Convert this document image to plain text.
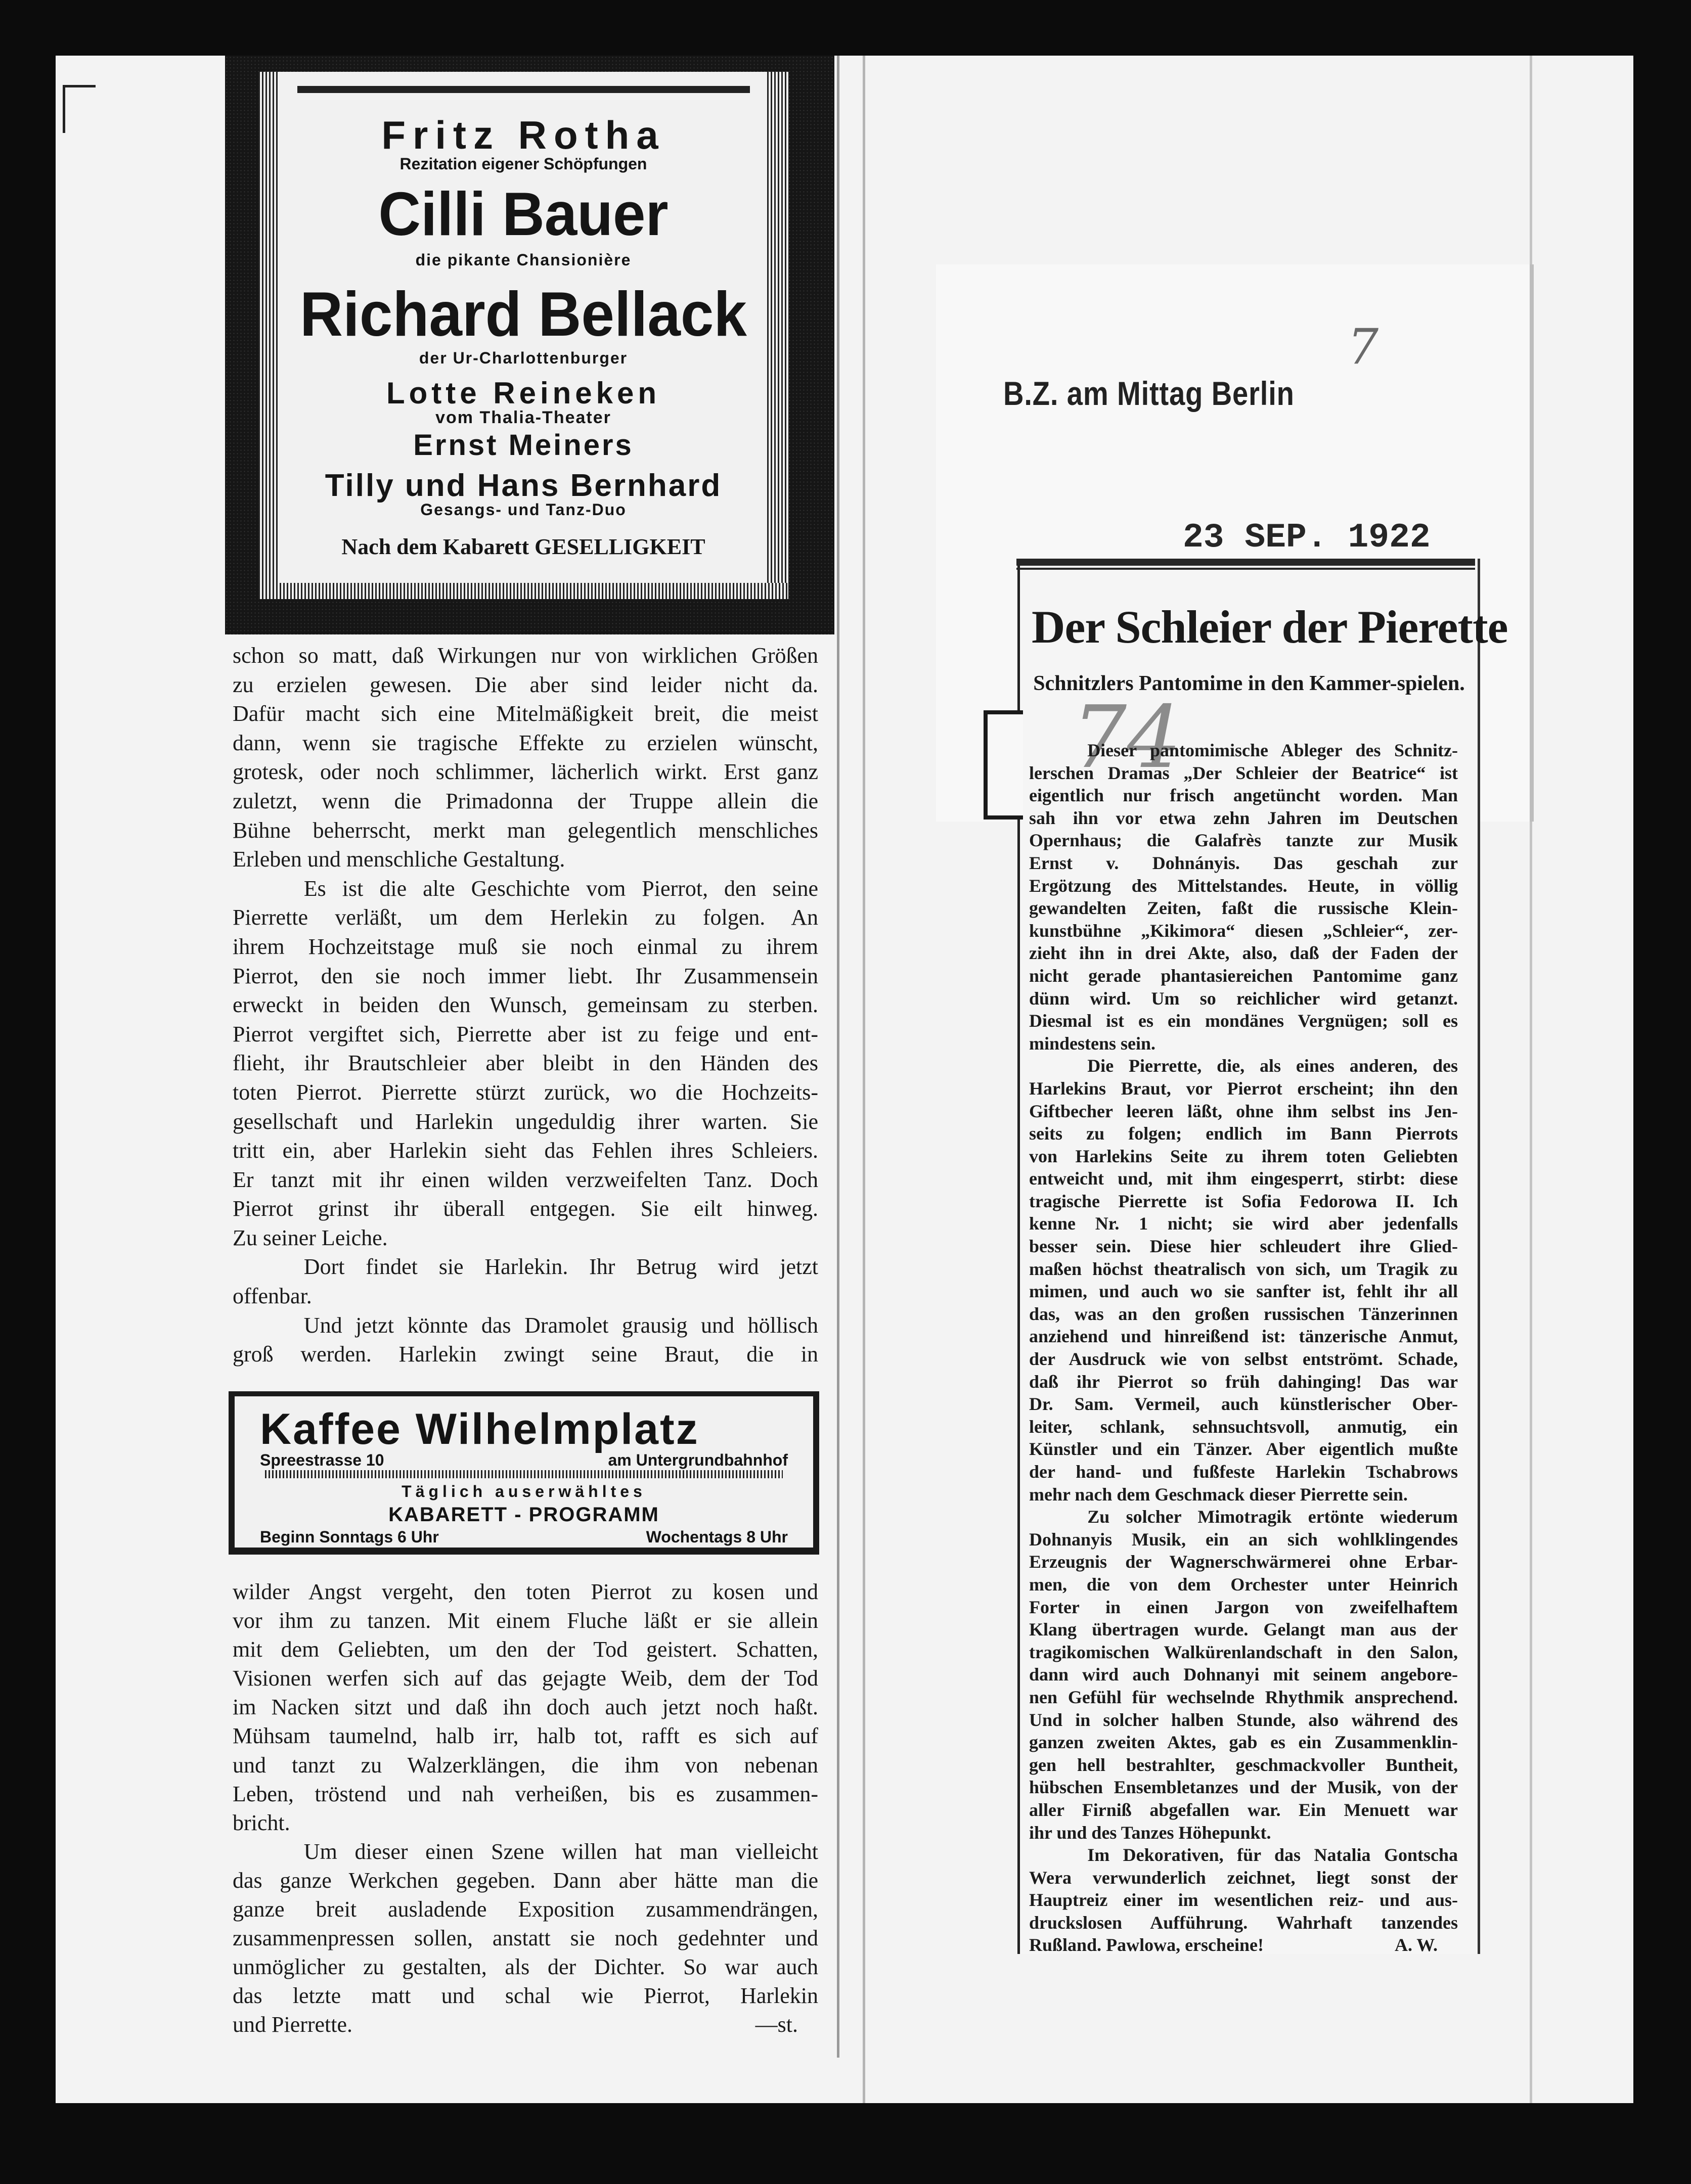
Fritz Rotha
Rezitation eigener Schöpfungen
Cilli Bauer
die pikante Chansionière
Richard Bellack
der Ur-Charlottenburger
Lotte Reineken
vom Thalia-Theater
Ernst Meiners
Tilly und Hans Bernhard
Gesangs- und Tanz-Duo
Nach dem Kabarett GESELLIGKEIT
schon so matt, daß Wirkungen nur von wirklichen Größen
zu erzielen gewesen. Die aber sind leider nicht da.
Dafür macht sich eine Mitelmäßigkeit breit, die meist
dann, wenn sie tragische Effekte zu erzielen wünscht,
grotesk, oder noch schlimmer, lächerlich wirkt. Erst ganz
zuletzt, wenn die Primadonna der Truppe allein die
Bühne beherrscht, merkt man gelegentlich menschliches
Erleben und menschliche Gestaltung.
Es ist die alte Geschichte vom Pierrot, den seine
Pierrette verläßt, um dem Herlekin zu folgen. An
ihrem Hochzeitstage muß sie noch einmal zu ihrem
Pierrot, den sie noch immer liebt. Ihr Zusammensein
erweckt in beiden den Wunsch, gemeinsam zu sterben.
Pierrot vergiftet sich, Pierrette aber ist zu feige und ent-
flieht, ihr Brautschleier aber bleibt in den Händen des
toten Pierrot. Pierrette stürzt zurück, wo die Hochzeits-
gesellschaft und Harlekin ungeduldig ihrer warten. Sie
tritt ein, aber Harlekin sieht das Fehlen ihres Schleiers.
Er tanzt mit ihr einen wilden verzweifelten Tanz. Doch
Pierrot grinst ihr überall entgegen. Sie eilt hinweg.
Zu seiner Leiche.
Dort findet sie Harlekin. Ihr Betrug wird jetzt
offenbar.
Und jetzt könnte das Dramolet grausig und höllisch
groß werden. Harlekin zwingt seine Braut, die in
Kaffee Wilhelmplatz
Spreestrasse 10	am Untergrundbahnhof
Täglich auserwähltes
KABARETT - PROGRAMM
Beginn Sonntags 6 Uhr	Wochentags 8 Uhr
wilder Angst vergeht, den toten Pierrot zu kosen und
vor ihm zu tanzen. Mit einem Fluche läßt er sie allein
mit dem Geliebten, um den der Tod geistert. Schatten,
Visionen werfen sich auf das gejagte Weib, dem der Tod
im Nacken sitzt und daß ihn doch auch jetzt noch haßt.
Mühsam taumelnd, halb irr, halb tot, rafft es sich auf
und tanzt zu Walzerklängen, die ihm von nebenan
Leben, tröstend und nah verheißen, bis es zusammen-
bricht.
Um dieser einen Szene willen hat man vielleicht
das ganze Werkchen gegeben. Dann aber hätte man die
ganze breit ausladende Exposition zusammendrängen,
zusammenpressen sollen, anstatt sie noch gedehnter und
unmöglicher zu gestalten, als der Dichter. So war auch
das letzte matt und schal wie Pierrot, Harlekin
und Pierrette.	—st.
B.Z. am Mittag Berlin
7
23 SEP. 1922
Der Schleier der Pierette
Schnitzlers Pantomime in den Kammer-spielen.
74
Dieser pantomimische Ableger des Schnitz-
lerschen Dramas „Der Schleier der Beatrice“ ist
eigentlich nur frisch angetüncht worden. Man
sah ihn vor etwa zehn Jahren im Deutschen
Opernhaus; die Galafrès tanzte zur Musik
Ernst v. Dohnányis. Das geschah zur
Ergötzung des Mittelstandes. Heute, in völlig
gewandelten Zeiten, faßt die russische Klein-
kunstbühne „Kikimora“ diesen „Schleier“, zer-
zieht ihn in drei Akte, also, daß der Faden der
nicht gerade phantasiereichen Pantomime ganz
dünn wird. Um so reichlicher wird getanzt.
Diesmal ist es ein mondänes Vergnügen; soll es
mindestens sein.
Die Pierrette, die, als eines anderen, des
Harlekins Braut, vor Pierrot erscheint; ihn den
Giftbecher leeren läßt, ohne ihm selbst ins Jen-
seits zu folgen; endlich im Bann Pierrots
von Harlekins Seite zu ihrem toten Geliebten
entweicht und, mit ihm eingesperrt, stirbt: diese
tragische Pierrette ist Sofia Fedorowa II. Ich
kenne Nr. 1 nicht; sie wird aber jedenfalls
besser sein. Diese hier schleudert ihre Glied-
maßen höchst theatralisch von sich, um Tragik zu
mimen, und auch wo sie sanfter ist, fehlt ihr all
das, was an den großen russischen Tänzerinnen
anziehend und hinreißend ist: tänzerische Anmut,
der Ausdruck wie von selbst entströmt. Schade,
daß ihr Pierrot so früh dahinging! Das war
Dr. Sam. Vermeil, auch künstlerischer Ober-
leiter, schlank, sehnsuchtsvoll, anmutig, ein
Künstler und ein Tänzer. Aber eigentlich mußte
der hand- und fußfeste Harlekin Tschabrows
mehr nach dem Geschmack dieser Pierrette sein.
Zu solcher Mimotragik ertönte wiederum
Dohnanyis Musik, ein an sich wohlklingendes
Erzeugnis der Wagnerschwärmerei ohne Erbar-
men, die von dem Orchester unter Heinrich
Forter in einen Jargon von zweifelhaftem
Klang übertragen wurde. Gelangt man aus der
tragikomischen Walkürenlandschaft in den Salon,
dann wird auch Dohnanyi mit seinem angebore-
nen Gefühl für wechselnde Rhythmik ansprechend.
Und in solcher halben Stunde, also während des
ganzen zweiten Aktes, gab es ein Zusammenklin-
gen hell bestrahlter, geschmackvoller Buntheit,
hübschen Ensembletanzes und der Musik, von der
aller Firniß abgefallen war. Ein Menuett war
ihr und des Tanzes Höhepunkt.
Im Dekorativen, für das Natalia Gontscha
Wera verwunderlich zeichnet, liegt sonst der
Hauptreiz einer im wesentlichen reiz- und aus-
druckslosen Aufführung. Wahrhaft tanzendes
Rußland. Pawlowa, erscheine!	A. W.
